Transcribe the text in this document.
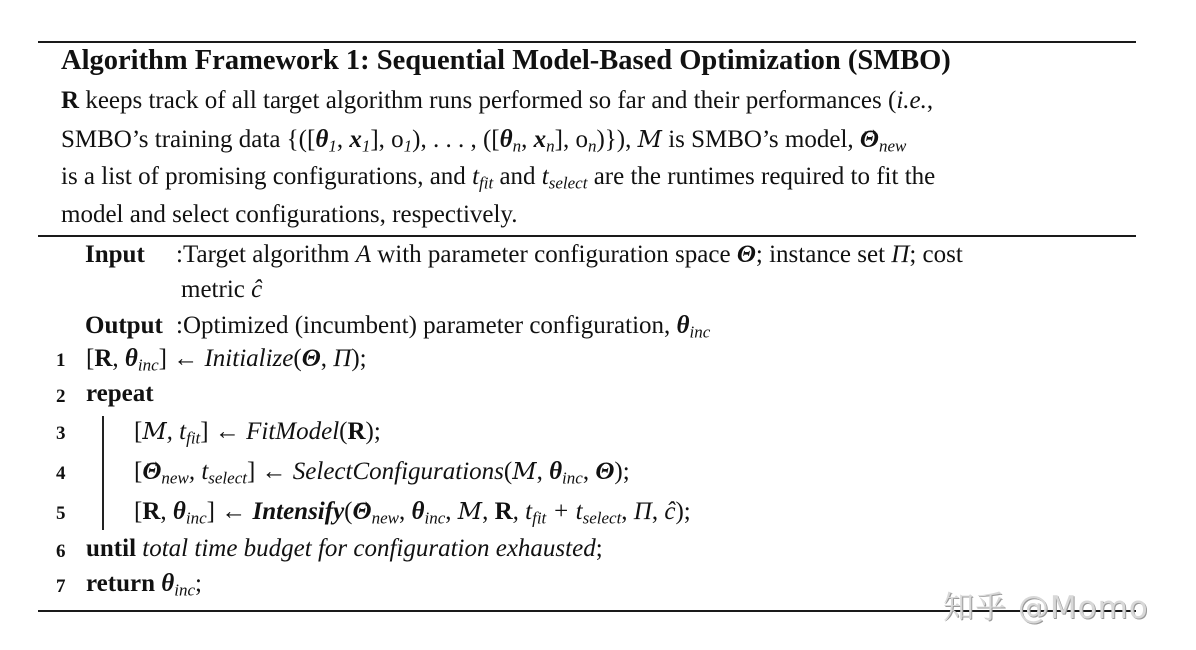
Algorithm Framework 1: Sequential Model-Based Optimization (SMBO)
R keeps track of all target algorithm runs performed so far and their performances (i.e.,
SMBO’s training data {([$\theta_1$, $x_1$], $o_1$), . . . , ([$\theta_n$, $x_n$], $o_n$)}), M is SMBO’s model, → $\Theta_{new}$
is a list of promising configurations, and $t_{fit}$ and $t_{select}$ are the runtimes required to fit the
model and select configurations, respectively.
Input :Target algorithm A with parameter configuration space Θ; instance set Π; cost
metric ĉ
Output :Optimized (incumbent) parameter configuration, $\theta_{inc}$
1 [R, $\theta_{inc}$] ← Initialize(Θ, Π);
2 repeat
3	[M, $t_{fit}$] ← FitModel(R);
4	[→ $\Theta_{new}$, $t_{select}$] ← SelectConfigurations(M, $\theta_{inc}$, Θ);
5	[R, $\theta_{inc}$] ← Intensify(→ $\Theta_{new}$, $\theta_{inc}$, M, R, $t_{fit} + t_{select}$, Π, ĉ);
6 until total time budget for configuration exhausted;
7 return $\theta_{inc}$;
知乎 @Momo
